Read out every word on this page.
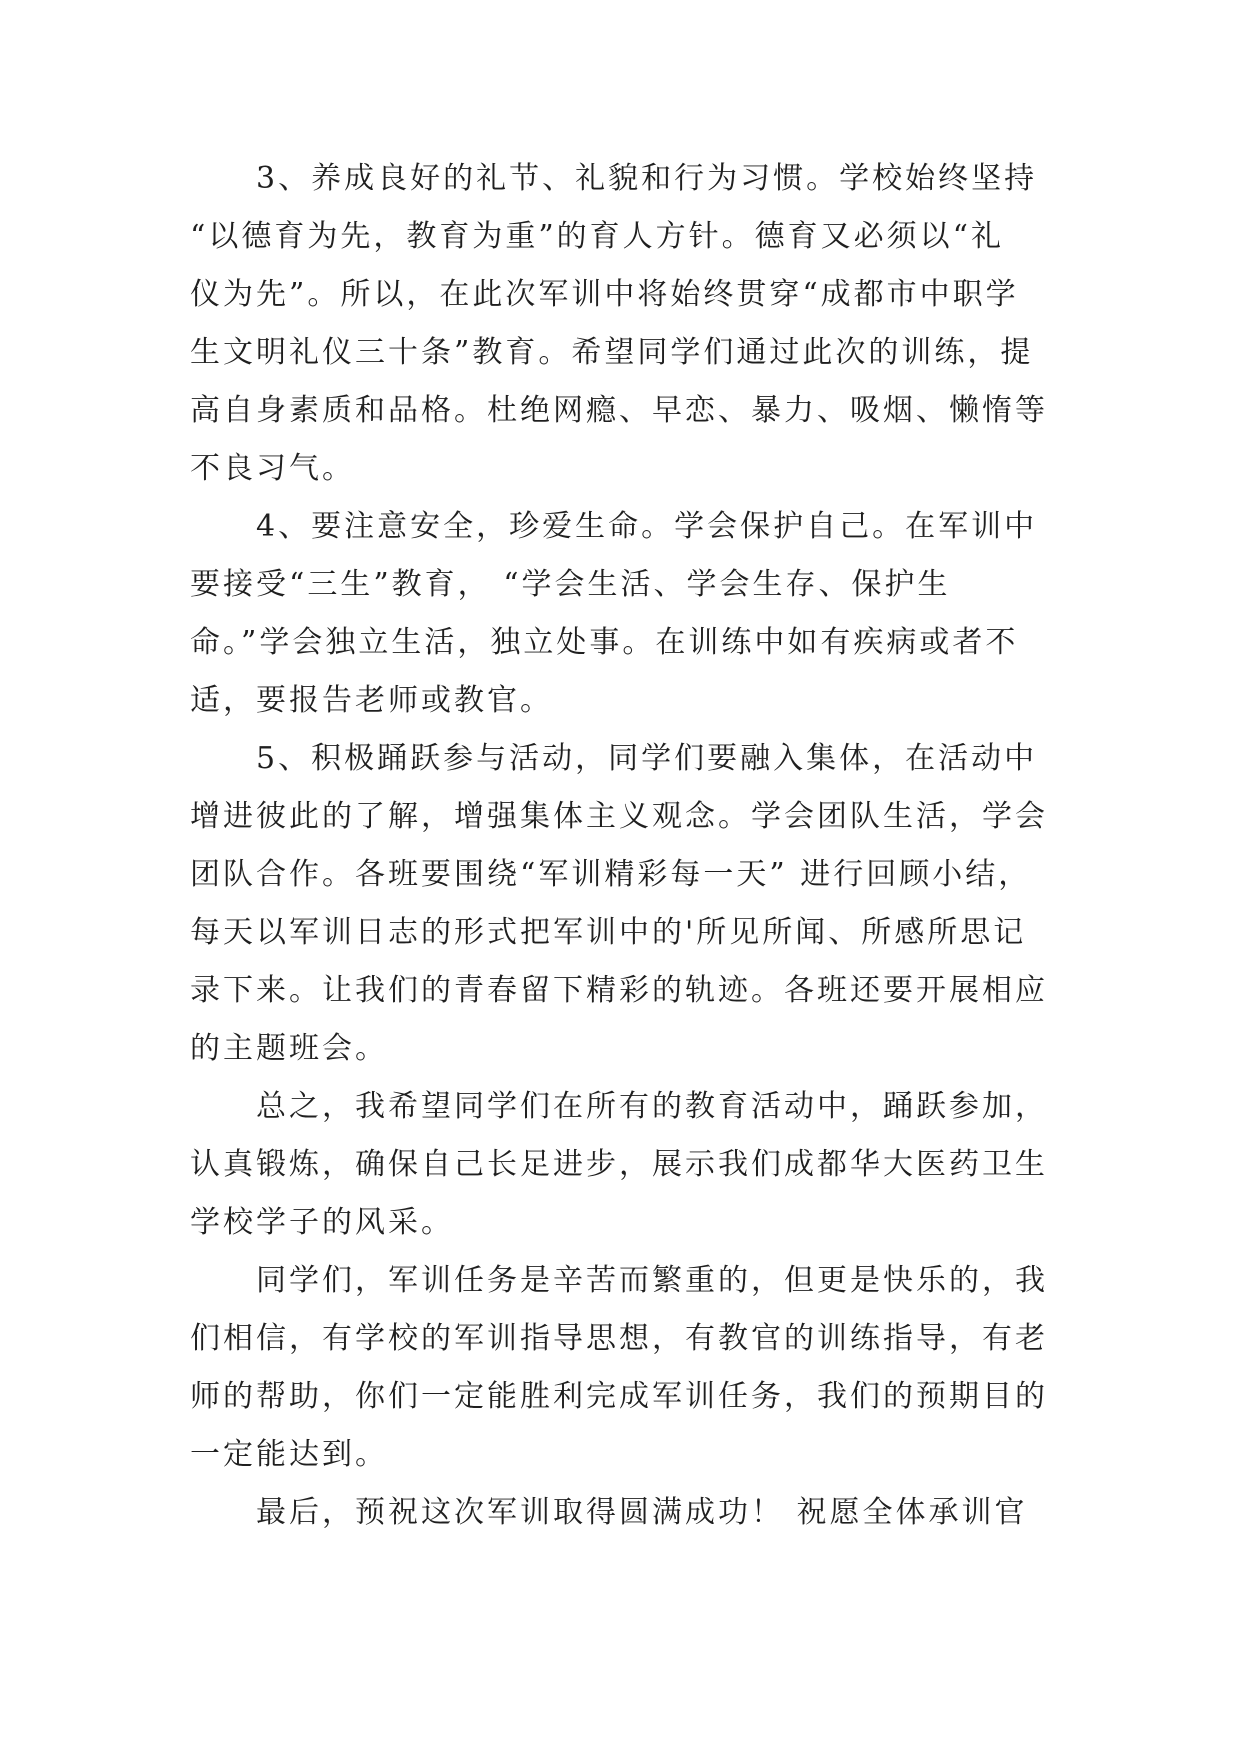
3、养成良好的礼节、礼貌和行为习惯。学校始终坚持
“以德育为先，教育为重”的育人方针。德育又必须以“礼
仪为先”。所以，在此次军训中将始终贯穿“成都市中职学
生文明礼仪三十条”教育。希望同学们通过此次的训练，提
高自身素质和品格。杜绝网瘾、早恋、暴力、吸烟、懒惰等
不良习气。
4、要注意安全，珍爱生命。学会保护自己。在军训中
要接受“三生”教育， “学会生活、学会生存、保护生
命。”学会独立生活，独立处事。在训练中如有疾病或者不
适，要报告老师或教官。
5、积极踊跃参与活动，同学们要融入集体，在活动中
增进彼此的了解，增强集体主义观念。学会团队生活，学会
团队合作。各班要围绕“军训精彩每一天” 进行回顾小结，
每天以军训日志的形式把军训中的'所见所闻、所感所思记
录下来。让我们的青春留下精彩的轨迹。各班还要开展相应
的主题班会。
总之，我希望同学们在所有的教育活动中，踊跃参加，
认真锻炼，确保自己长足进步，展示我们成都华大医药卫生
学校学子的风采。
同学们，军训任务是辛苦而繁重的，但更是快乐的，我
们相信，有学校的军训指导思想，有教官的训练指导，有老
师的帮助，你们一定能胜利完成军训任务，我们的预期目的
一定能达到。
最后，预祝这次军训取得圆满成功！ 祝愿全体承训官
